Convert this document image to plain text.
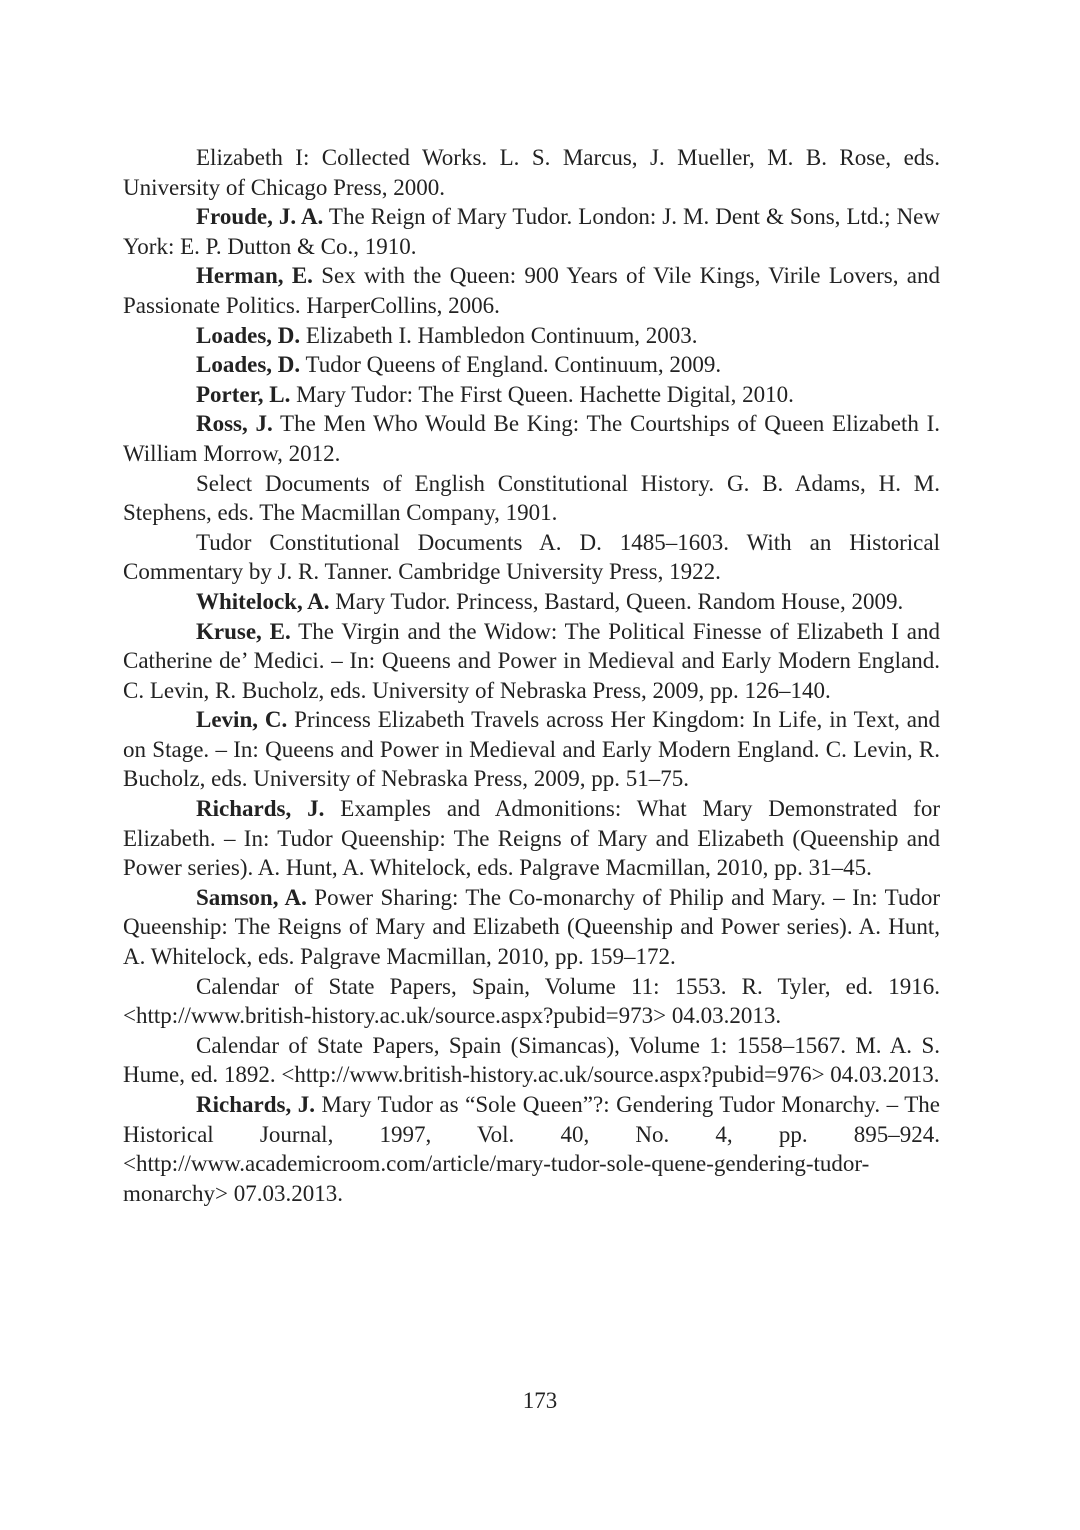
Elizabeth I: Collected Works. L. S. Marcus, J. Mueller, M. B. Rose, eds. University of Chicago Press, 2000.

Froude, J. A. The Reign of Mary Tudor. London: J. M. Dent & Sons, Ltd.; New York: E. P. Dutton & Co., 1910.

Herman, E. Sex with the Queen: 900 Years of Vile Kings, Virile Lovers, and Passionate Politics. HarperCollins, 2006.

Loades, D. Elizabeth I. Hambledon Continuum, 2003.

Loades, D. Tudor Queens of England. Continuum, 2009.

Porter, L. Mary Tudor: The First Queen. Hachette Digital, 2010.

Ross, J. The Men Who Would Be King: The Courtships of Queen Elizabeth I. William Morrow, 2012.

Select Documents of English Constitutional History. G. B. Adams, H. M. Stephens, eds. The Macmillan Company, 1901.

Tudor Constitutional Documents A. D. 1485–1603. With an Historical Commentary by J. R. Tanner. Cambridge University Press, 1922.

Whitelock, A. Mary Tudor. Princess, Bastard, Queen. Random House, 2009.

Kruse, E. The Virgin and the Widow: The Political Finesse of Elizabeth I and Catherine de’ Medici. – In: Queens and Power in Medieval and Early Modern England. C. Levin, R. Bucholz, eds. University of Nebraska Press, 2009, pp. 126–140.

Levin, C. Princess Elizabeth Travels across Her Kingdom: In Life, in Text, and on Stage. – In: Queens and Power in Medieval and Early Modern England. C. Levin, R. Bucholz, eds. University of Nebraska Press, 2009, pp. 51–75.

Richards, J. Examples and Admonitions: What Mary Demonstrated for Elizabeth. – In: Tudor Queenship: The Reigns of Mary and Elizabeth (Queenship and Power series). A. Hunt, A. Whitelock, eds. Palgrave Macmillan, 2010, pp. 31–45.

Samson, A. Power Sharing: The Co-monarchy of Philip and Mary. – In: Tudor Queenship: The Reigns of Mary and Elizabeth (Queenship and Power series). A. Hunt, A. Whitelock, eds. Palgrave Macmillan, 2010, pp. 159–172.

Calendar of State Papers, Spain, Volume 11: 1553. R. Tyler, ed. 1916. <http://www.british-history.ac.uk/source.aspx?pubid=973> 04.03.2013.

Calendar of State Papers, Spain (Simancas), Volume 1: 1558–1567. M. A. S. Hume, ed. 1892. <http://www.british-history.ac.uk/source.aspx?pubid=976> 04.03.2013.

Richards, J. Mary Tudor as “Sole Queen”?: Gendering Tudor Monarchy. – The Historical Journal, 1997, Vol. 40, No. 4, pp. 895–924. <http://www.academicroom.com/article/mary-tudor-sole-quene-gendering-tudor-monarchy> 07.03.2013.

173
